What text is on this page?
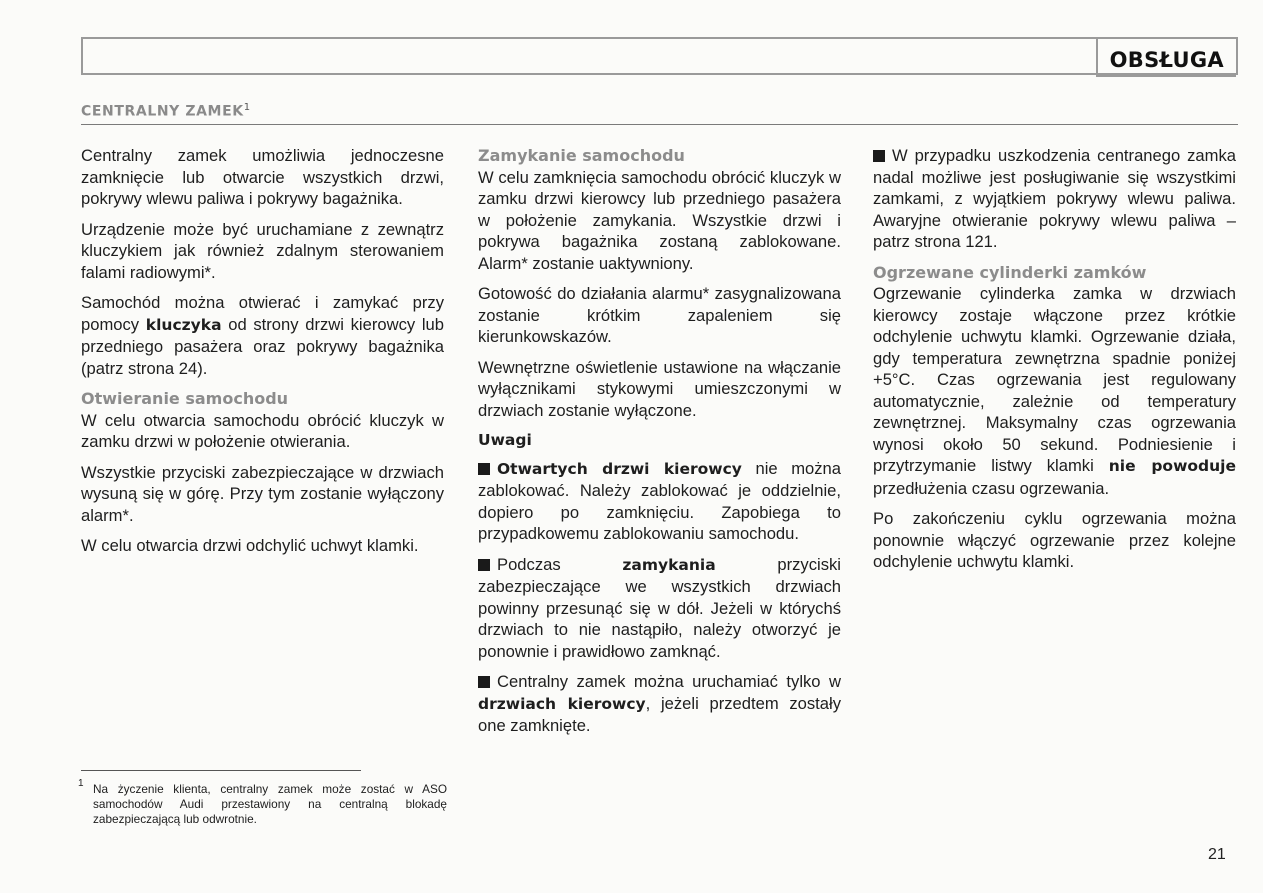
OBSŁUGA
CENTRALNY ZAMEK$^1$

Centralny zamek umożliwia jednoczesne zamknięcie lub otwarcie wszystkich drzwi, pokrywy wlewu paliwa i pokrywy bagażnika.

Urządzenie może być uruchamiane z zewnątrz kluczykiem jak również zdalnym sterowaniem falami radiowymi*.

Samochód można otwierać i zamykać przy pomocy kluczyka od strony drzwi kierowcy lub przedniego pasażera oraz pokrywy bagażnika (patrz strona 24).

Otwieranie samochodu

W celu otwarcia samochodu obrócić kluczyk w zamku drzwi w położenie otwierania.

Wszystkie przyciski zabezpieczające w drzwiach wysuną się w górę. Przy tym zostanie wyłączony alarm*.

W celu otwarcia drzwi odchylić uchwyt klamki.

Zamykanie samochodu

W celu zamknięcia samochodu obrócić kluczyk w zamku drzwi kierowcy lub przedniego pasażera w położenie zamykania. Wszystkie drzwi i pokrywa bagażnika zostaną zablokowane. Alarm* zostanie uaktywniony.

Gotowość do działania alarmu* zasygnalizowana zostanie krótkim zapaleniem się kierunkowskazów.

Wewnętrzne oświetlenie ustawione na włączanie wyłącznikami stykowymi umieszczonymi w drzwiach zostanie wyłączone.

Uwagi

Otwartych drzwi kierowcy nie można zablokować. Należy zablokować je oddzielnie, dopiero po zamknięciu. Zapobiega to przypadkowemu zablokowaniu samochodu.

Podczas zamykania przyciski zabezpieczające we wszystkich drzwiach powinny przesunąć się w dół. Jeżeli w którychś drzwiach to nie nastąpiło, należy otworzyć je ponownie i prawidłowo zamknąć.

Centralny zamek można uruchamiać tylko w drzwiach kierowcy, jeżeli przedtem zostały one zamknięte.

W przypadku uszkodzenia centranego zamka nadal możliwe jest posługiwanie się wszystkimi zamkami, z wyjątkiem pokrywy wlewu paliwa. Awaryjne otwieranie pokrywy wlewu paliwa – patrz strona 121.

Ogrzewane cylinderki zamków

Ogrzewanie cylinderka zamka w drzwiach kierowcy zostaje włączone przez krótkie odchylenie uchwytu klamki. Ogrzewanie działa, gdy temperatura zewnętrzna spadnie poniżej +5°C. Czas ogrzewania jest regulowany automatycznie, zależnie od temperatury zewnętrznej. Maksymalny czas ogrzewania wynosi około 50 sekund. Podniesienie i przytrzymanie listwy klamki nie powoduje przedłużenia czasu ogrzewania.

Po zakończeniu cyklu ogrzewania można ponownie włączyć ogrzewanie przez kolejne odchylenie uchwytu klamki.

1 Na życzenie klienta, centralny zamek może zostać w ASO samochodów Audi przestawiony na centralną blokadę zabezpieczającą lub odwrotnie.
21
